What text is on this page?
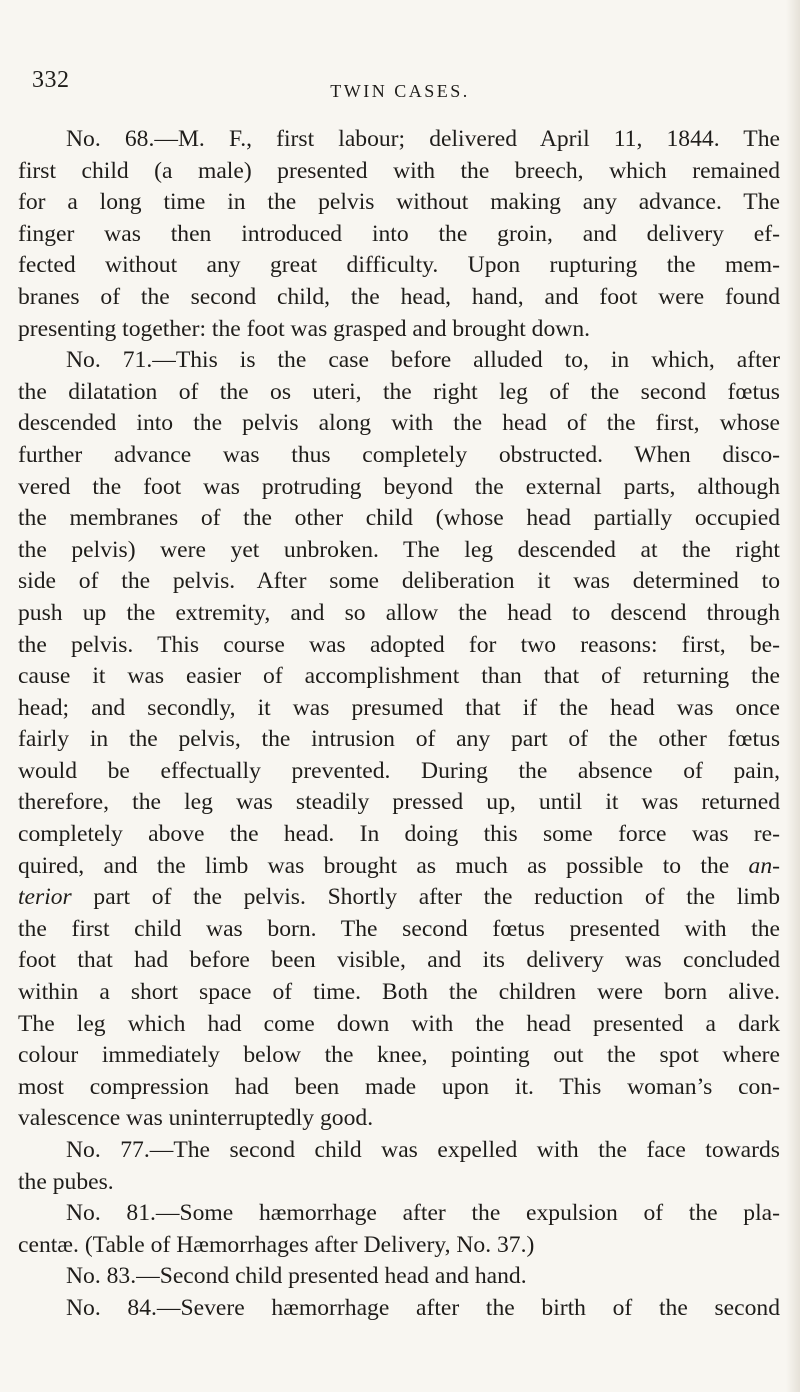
332	TWIN CASES.
No. 68.—M. F., first labour; delivered April 11, 1844. The
first child (a male) presented with the breech, which remained
for a long time in the pelvis without making any advance. The
finger was then introduced into the groin, and delivery ef-
fected without any great difficulty. Upon rupturing the mem-
branes of the second child, the head, hand, and foot were found
presenting together: the foot was grasped and brought down.
No. 71.—This is the case before alluded to, in which, after
the dilatation of the os uteri, the right leg of the second fœtus
descended into the pelvis along with the head of the first, whose
further advance was thus completely obstructed. When disco-
vered the foot was protruding beyond the external parts, although
the membranes of the other child (whose head partially occupied
the pelvis) were yet unbroken. The leg descended at the right
side of the pelvis. After some deliberation it was determined to
push up the extremity, and so allow the head to descend through
the pelvis. This course was adopted for two reasons: first, be-
cause it was easier of accomplishment than that of returning the
head; and secondly, it was presumed that if the head was once
fairly in the pelvis, the intrusion of any part of the other fœtus
would be effectually prevented. During the absence of pain,
therefore, the leg was steadily pressed up, until it was returned
completely above the head. In doing this some force was re-
quired, and the limb was brought as much as possible to the an-
terior part of the pelvis. Shortly after the reduction of the limb
the first child was born. The second fœtus presented with the
foot that had before been visible, and its delivery was concluded
within a short space of time. Both the children were born alive.
The leg which had come down with the head presented a dark
colour immediately below the knee, pointing out the spot where
most compression had been made upon it. This woman’s con-
valescence was uninterruptedly good.
No. 77.—The second child was expelled with the face towards
the pubes.
No. 81.—Some hæmorrhage after the expulsion of the pla-
centæ. (Table of Hæmorrhages after Delivery, No. 37.)
No. 83.—Second child presented head and hand.
No. 84.—Severe hæmorrhage after the birth of the second
